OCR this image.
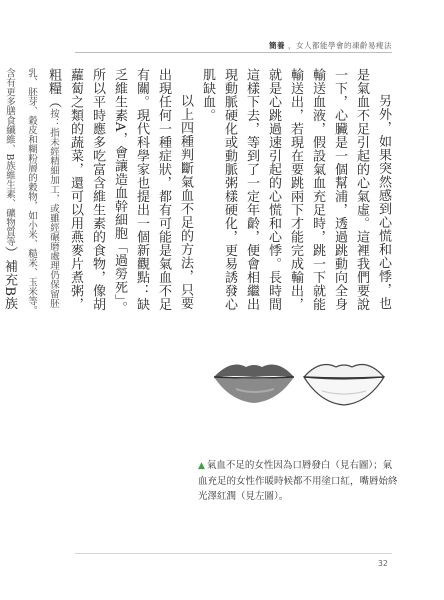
簡養 ，女人都能學會的凍齡易痩法

另外，如果突然感到心慌和心悸，也是氣血不足引起的心氣虛。這裡我們要說一下，心臟是一個幫浦，透過跳動向全身輸送血液，假設氣血充足時，跳一下就能輸送出，若現在要跳兩下才能完成輸出，就是心跳過速引起的心慌和心悸。長時間這樣下去，等到了一定年齡，便會相繼出現動脈硬化或動脈粥樣硬化，更易誘發心肌缺血。

以上四種判斷氣血不足的方法，只要出現任何一種症狀，都有可能是氣血不足有關。現代科學家也提出一個新觀點：缺乏維生素A，會讓造血幹細胞「過勞死」。所以平時應多吃富含維生素的食物，像胡蘿蔔之類的蔬菜，還可以用燕麥片煮粥，粗糧（按：指未經精細加工，或雖經碾磨處理仍保留胚乳、胚芽、穀皮和糊粉層的穀物，如小米、糙米、玉米等。含有更多膳食纖維、B族維生素、礦物質等）補充B族

▲ 氣血不足的女性因為口脣發白（見右圖）；氣血充足的女性作暖時候都不用塗口紅，嘴脣始終光澤紅潤（見左圖）。
32
